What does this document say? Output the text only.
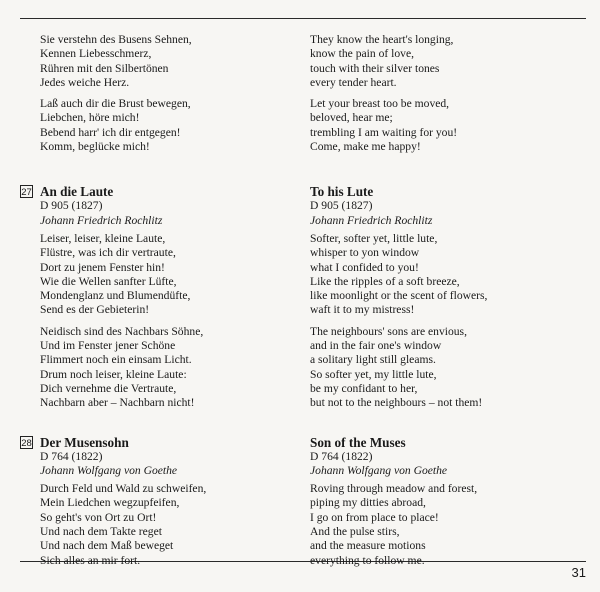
Sie verstehn des Busens Sehnen,
Kennen Liebesschmerz,
Rühren mit den Silbertönen
Jedes weiche Herz.
Laß auch dir die Brust bewegen,
Liebchen, höre mich!
Bebend harr' ich dir entgegen!
Komm, beglücke mich!
27 An die Laute
D 905 (1827)
Johann Friedrich Rochlitz
Leiser, leiser, kleine Laute,
Flüstre, was ich dir vertraute,
Dort zu jenem Fenster hin!
Wie die Wellen sanfter Lüfte,
Mondenglanz und Blumendüfte,
Send es der Gebieterin!
Neidisch sind des Nachbars Söhne,
Und im Fenster jener Schöne
Flimmert noch ein einsam Licht.
Drum noch leiser, kleine Laute:
Dich vernehme die Vertraute,
Nachbarn aber – Nachbarn nicht!
28 Der Musensohn
D 764 (1822)
Johann Wolfgang von Goethe
Durch Feld und Wald zu schweifen,
Mein Liedchen wegzupfeifen,
So geht's von Ort zu Ort!
Und nach dem Takte reget
Und nach dem Maß beweget
Sich alles an mir fort.
They know the heart's longing,
know the pain of love,
touch with their silver tones
every tender heart.
Let your breast too be moved,
beloved, hear me;
trembling I am waiting for you!
Come, make me happy!
To his Lute
D 905 (1827)
Johann Friedrich Rochlitz
Softer, softer yet, little lute,
whisper to yon window
what I confided to you!
Like the ripples of a soft breeze,
like moonlight or the scent of flowers,
waft it to my mistress!
The neighbours' sons are envious,
and in the fair one's window
a solitary light still gleams.
So softer yet, my little lute,
be my confidant to her,
but not to the neighbours – not them!
Son of the Muses
D 764 (1822)
Johann Wolfgang von Goethe
Roving through meadow and forest,
piping my ditties abroad,
I go on from place to place!
And the pulse stirs,
and the measure motions
everything to follow me.
31
